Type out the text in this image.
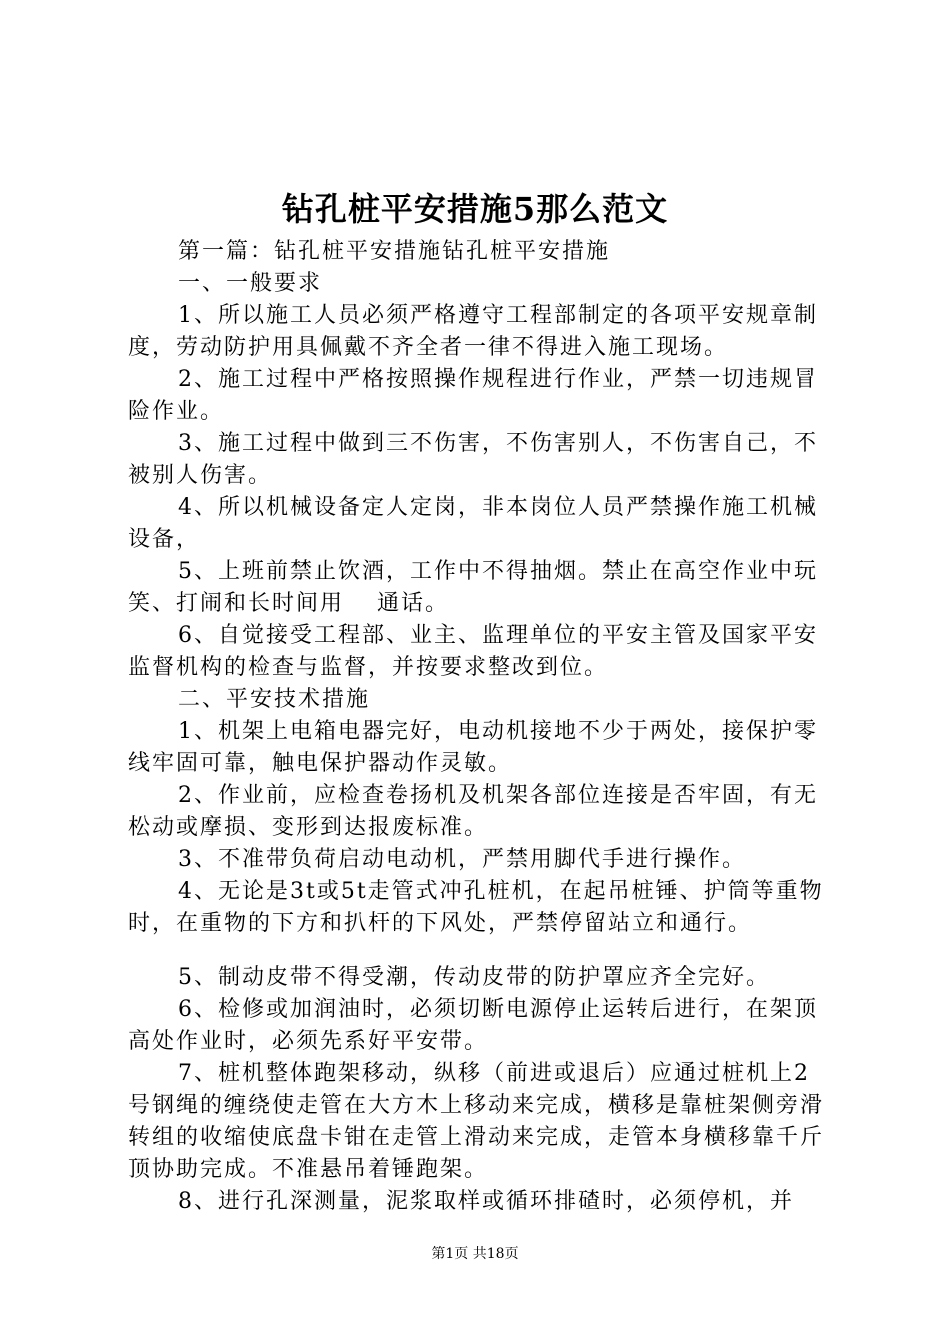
钻孔桩平安措施5那么范文

第一篇：钻孔桩平安措施钻孔桩平安措施

一、一般要求

1、所以施工人员必须严格遵守工程部制定的各项平安规章制度，劳动防护用具佩戴不齐全者一律不得进入施工现场。

2、施工过程中严格按照操作规程进行作业，严禁一切违规冒险作业。

3、施工过程中做到三不伤害，不伤害别人，不伤害自己，不被别人伤害。

4、所以机械设备定人定岗，非本岗位人员严禁操作施工机械设备，

5、上班前禁止饮酒，工作中不得抽烟。禁止在高空作业中玩笑、打闹和长时间用　 通话。

6、自觉接受工程部、业主、监理单位的平安主管及国家平安监督机构的检查与监督，并按要求整改到位。

二、平安技术措施

1、机架上电箱电器完好，电动机接地不少于两处，接保护零线牢固可靠，触电保护器动作灵敏。

2、作业前，应检查卷扬机及机架各部位连接是否牢固，有无松动或摩损、变形到达报废标准。

3、不准带负荷启动电动机，严禁用脚代手进行操作。

4、无论是3t或5t走管式冲孔桩机，在起吊桩锤、护筒等重物时，在重物的下方和扒杆的下风处，严禁停留站立和通行。

5、制动皮带不得受潮，传动皮带的防护罩应齐全完好。

6、检修或加润油时，必须切断电源停止运转后进行，在架顶高处作业时，必须先系好平安带。

7、桩机整体跑架移动，纵移（前进或退后）应通过桩机上2号钢绳的缠绕使走管在大方木上移动来完成，横移是靠桩架侧旁滑转组的收缩使底盘卡钳在走管上滑动来完成，走管本身横移靠千斤顶协助完成。不准悬吊着锤跑架。

8、进行孔深测量，泥浆取样或循环排碴时，必须停机，并

第1页 共18页
